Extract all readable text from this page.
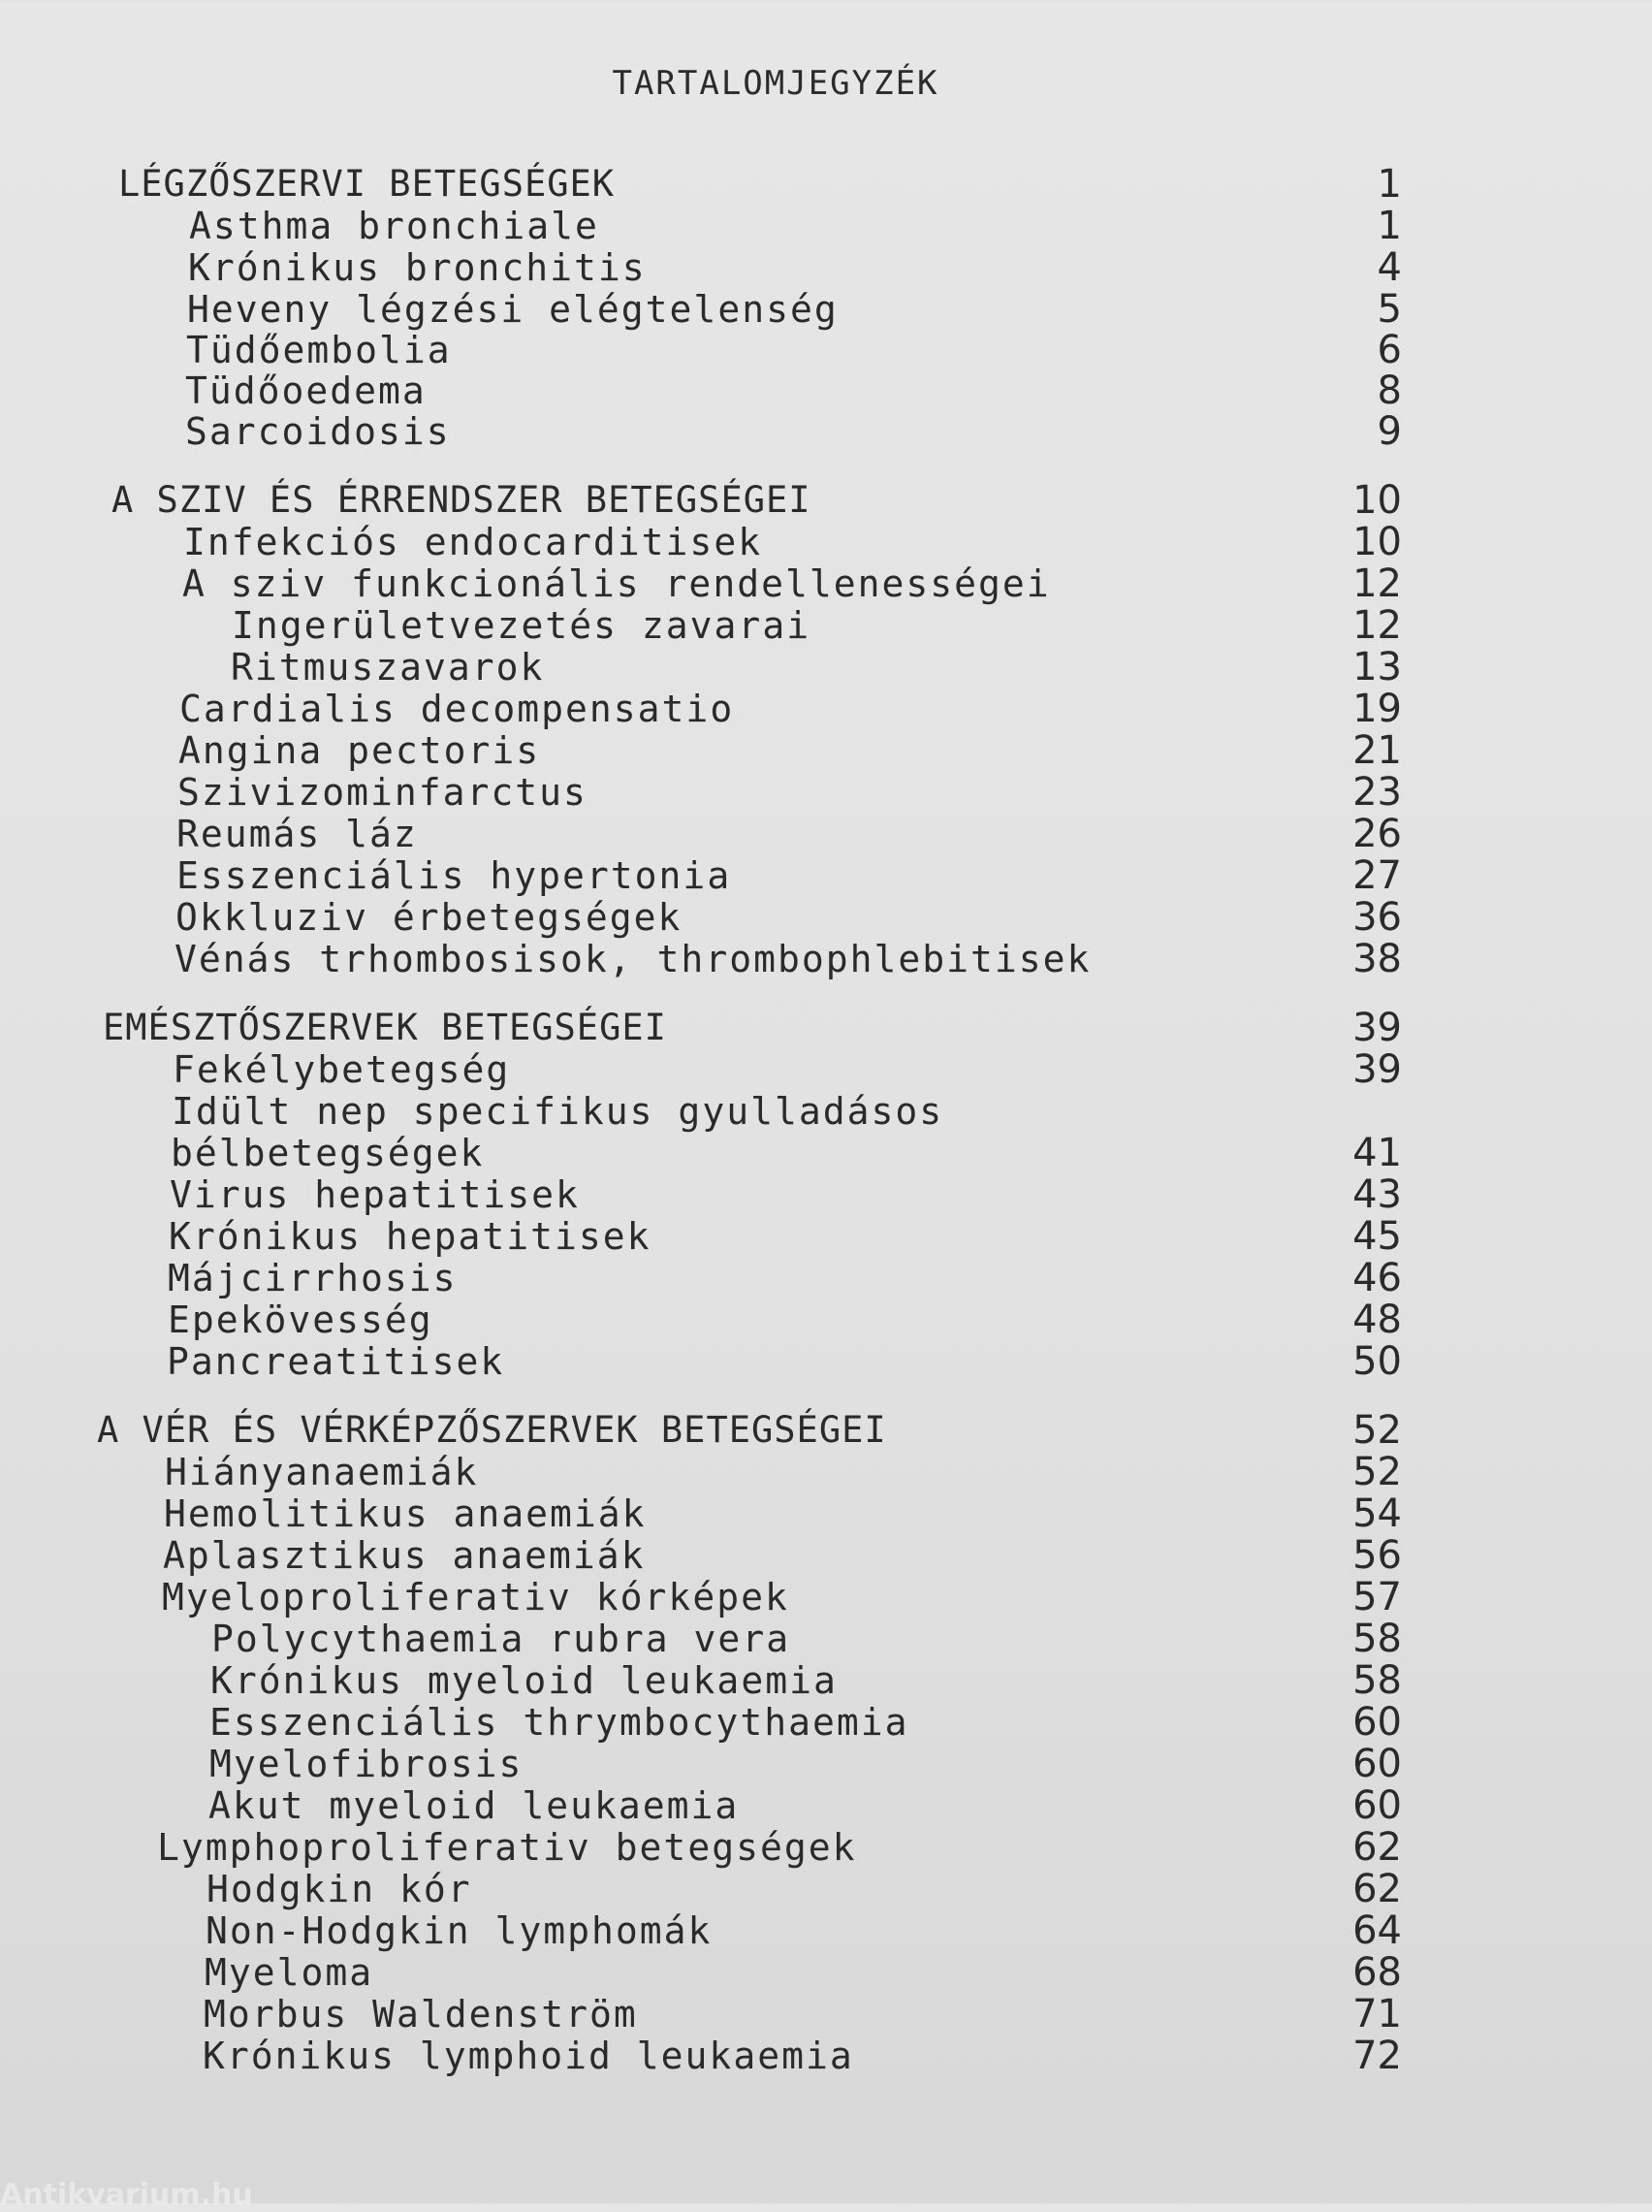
TARTALOMJEGYZÉK
LÉGZŐSZERVI BETEGSÉGEK	1
Asthma bronchiale	1
Krónikus bronchitis	4
Heveny légzési elégtelenség	5
Tüdőembolia	6
Tüdőoedema	8
Sarcoidosis	9
A SZIV ÉS ÉRRENDSZER BETEGSÉGEI	10
Infekciós endocarditisek	10
A sziv funkcionális rendellenességei	12
Ingerületvezetés zavarai	12
Ritmuszavarok	13
Cardialis decompensatio	19
Angina pectoris	21
Szivizominfarctus	23
Reumás láz	26
Esszenciális hypertonia	27
Okkluziv érbetegségek	36
Vénás trhombosisok, thrombophlebitisek	38
EMÉSZTŐSZERVEK BETEGSÉGEI	39
Fekélybetegség	39
Idült nep specifikus gyulladásos
bélbetegségek	41
Virus hepatitisek	43
Krónikus hepatitisek	45
Májcirrhosis	46
Epekövesség	48
Pancreatitisek	50
A VÉR ÉS VÉRKÉPZŐSZERVEK BETEGSÉGEI	52
Hiányanaemiák	52
Hemolitikus anaemiák	54
Aplasztikus anaemiák	56
Myeloproliferativ kórképek	57
Polycythaemia rubra vera	58
Krónikus myeloid leukaemia	58
Esszenciális thrymbocythaemia	60
Myelofibrosis	60
Akut myeloid leukaemia	60
Lymphoproliferativ betegségek	62
Hodgkin kór	62
Non-Hodgkin lymphomák	64
Myeloma	68
Morbus Waldenström	71
Krónikus lymphoid leukaemia	72
Antikvarium.hu
